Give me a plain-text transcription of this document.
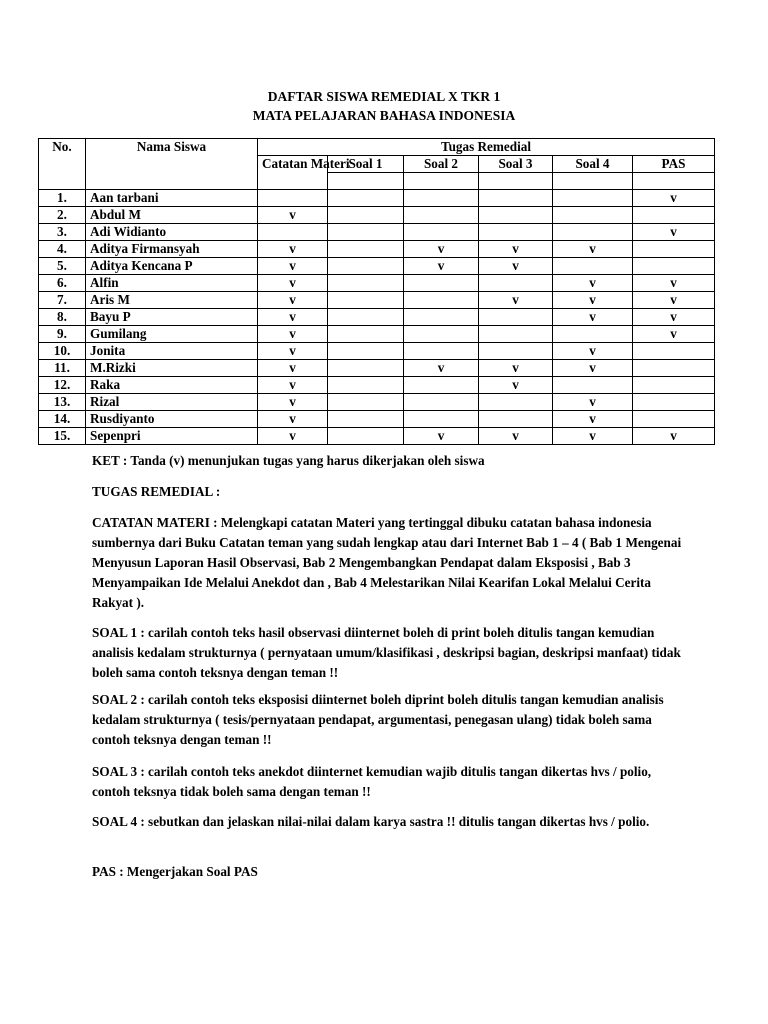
DAFTAR SISWA REMEDIAL X TKR 1
MATA PELAJARAN BAHASA INDONESIA
No.	Nama Siswa	Tugas Remedial					
		Catatan Materi	Soal 1	Soal 2	Soal 3	Soal 4	PAS

1.	Aan tarbani						v
2.	Abdul M	v					
3.	Adi Widianto						v
4.	Aditya Firmansyah	v		v	v	v	
5.	Aditya Kencana P	v		v	v		
6.	Alfin	v				v	v
7.	Aris M	v			v	v	v
8.	Bayu P	v				v	v
9.	Gumilang	v					v
10.	Jonita	v				v	
11.	M.Rizki	v		v	v	v	
12.	Raka	v			v		
13.	Rizal	v				v	
14.	Rusdiyanto	v				v	
15.	Sepenpri	v		v	v	v	v
KET : Tanda (v) menunjukan tugas yang harus dikerjakan oleh siswa
TUGAS REMEDIAL :
CATATAN MATERI : Melengkapi catatan Materi yang tertinggal dibuku catatan bahasa indonesia sumbernya dari Buku Catatan teman yang sudah lengkap atau dari Internet Bab 1 – 4 ( Bab 1 Mengenai Menyusun Laporan Hasil Observasi, Bab 2 Mengembangkan Pendapat dalam Eksposisi , Bab 3 Menyampaikan Ide Melalui Anekdot dan , Bab 4 Melestarikan Nilai Kearifan Lokal Melalui Cerita Rakyat ).
SOAL 1 : carilah contoh teks hasil observasi diinternet boleh di print boleh ditulis tangan kemudian analisis kedalam strukturnya ( pernyataan umum/klasifikasi , deskripsi bagian, deskripsi manfaat) tidak boleh sama contoh teksnya dengan teman !!
SOAL 2 : carilah contoh teks eksposisi diinternet boleh diprint boleh ditulis tangan kemudian analisis kedalam strukturnya ( tesis/pernyataan pendapat, argumentasi, penegasan ulang) tidak boleh sama contoh teksnya dengan teman !!
SOAL 3 : carilah contoh teks anekdot diinternet kemudian wajib ditulis tangan dikertas hvs / polio, contoh teksnya tidak boleh sama dengan teman !!
SOAL 4 : sebutkan dan jelaskan nilai-nilai dalam karya sastra !! ditulis tangan dikertas hvs / polio.
PAS : Mengerjakan Soal PAS
